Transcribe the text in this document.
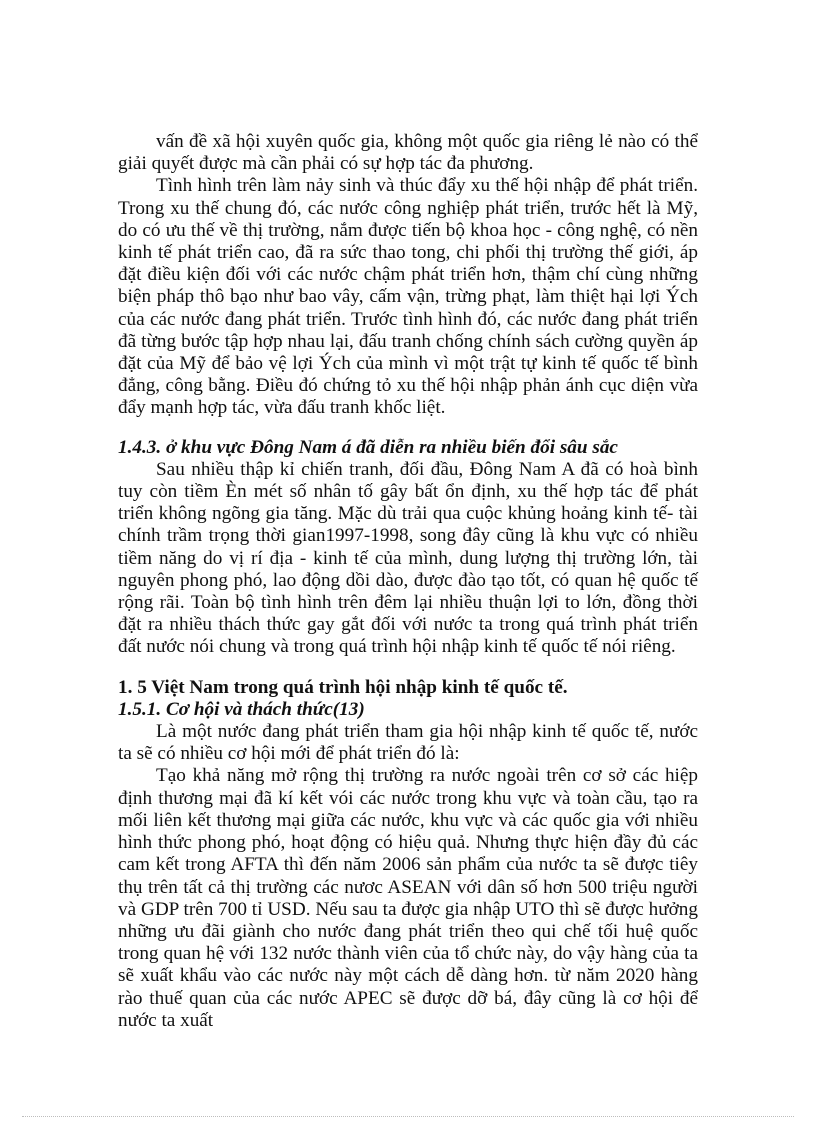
vấn đề xã hội xuyên quốc gia, không một quốc gia riêng lẻ nào có thể giải quyết được mà cần phải có sự hợp tác đa phương.

Tình hình trên làm nảy sinh và thúc đẩy xu thế hội nhập để phát triển. Trong xu thế chung đó, các nước công nghiệp phát triển, trước hết là Mỹ, do có ưu thế về thị trường, nắm được tiến bộ khoa học - công nghệ, có nền kinh tế phát triển cao, đã ra sức thao tong, chi phối thị trường thế giới, áp đặt điều kiện đối với các nước chậm phát triển hơn, thậm chí cùng những biện pháp thô bạo như bao vây, cấm vận, trừng phạt, làm thiệt hại lợi Ých của các nước đang phát triển. Trước tình hình đó, các nước đang phát triển đã từng bước tập hợp nhau lại, đấu tranh chống chính sách cường quyền áp đặt của Mỹ để bảo vệ lợi Ých của mình vì một trật tự kinh tế quốc tế bình đẳng, công bằng. Điều đó chứng tỏ xu thế hội nhập phản ánh cục diện vừa đẩy mạnh hợp tác, vừa đấu tranh khốc liệt.

1.4.3. ở khu vực Đông Nam á đã diễn ra nhiều biến đổi sâu sắc

Sau nhiều thập kỉ chiến tranh, đối đầu, Đông Nam A đã có hoà bình tuy còn tiềm Èn mét số nhân tố gây bất ổn định, xu thế hợp tác để phát triển không ngõng gia tăng. Mặc dù trải qua cuộc khủng hoảng kinh tế- tài chính trầm trọng thời gian1997-1998, song đây cũng là khu vực có nhiều tiềm năng do vị rí địa - kinh tế của mình, dung lượng thị trường lớn, tài nguyên phong phó, lao động dồi dào, được đào tạo tốt, có quan hệ quốc tế rộng rãi. Toàn bộ tình hình trên đêm lại nhiều thuận lợi to lớn, đồng thời đặt ra nhiều thách thức gay gắt đối với nước ta trong quá trình phát triển đất nước nói chung và trong quá trình hội nhập kinh tế quốc tế nói riêng.

1. 5 Việt Nam trong quá trình hội nhập kinh tế quốc tế.
1.5.1. Cơ hội và thách thức(13)

Là một nước đang phát triển tham gia hội nhập kinh tế quốc tế, nước ta sẽ có nhiều cơ hội mới để phát triển đó là:

Tạo khả năng mở rộng thị trường ra nước ngoài trên cơ sở các hiệp định thương mại đã kí kết vói các nước trong khu vực và toàn cầu, tạo ra mối liên kết thương mại giữa các nước, khu vực và các quốc gia với nhiều hình thức phong phó, hoạt động có hiệu quả. Nhưng thực hiện đầy đủ các cam kết trong AFTA thì đến năm 2006 sản phẩm của nước ta sẽ được tiêy thụ trên tất cả thị trường các nươc ASEAN với dân số hơn 500 triệu người và GDP trên 700 tỉ USD. Nếu sau ta được gia nhập UTO thì sẽ được hưởng những ưu đãi giành cho nước đang phát triển theo qui chế tối huệ quốc trong quan hệ với 132 nước thành viên của tổ chức này, do vậy hàng của ta sẽ xuất khẩu vào các nước này một cách dễ dàng hơn. từ năm 2020 hàng rào thuế quan của các nước APEC sẽ được dỡ bá, đây cũng là cơ hội để nước ta xuất
